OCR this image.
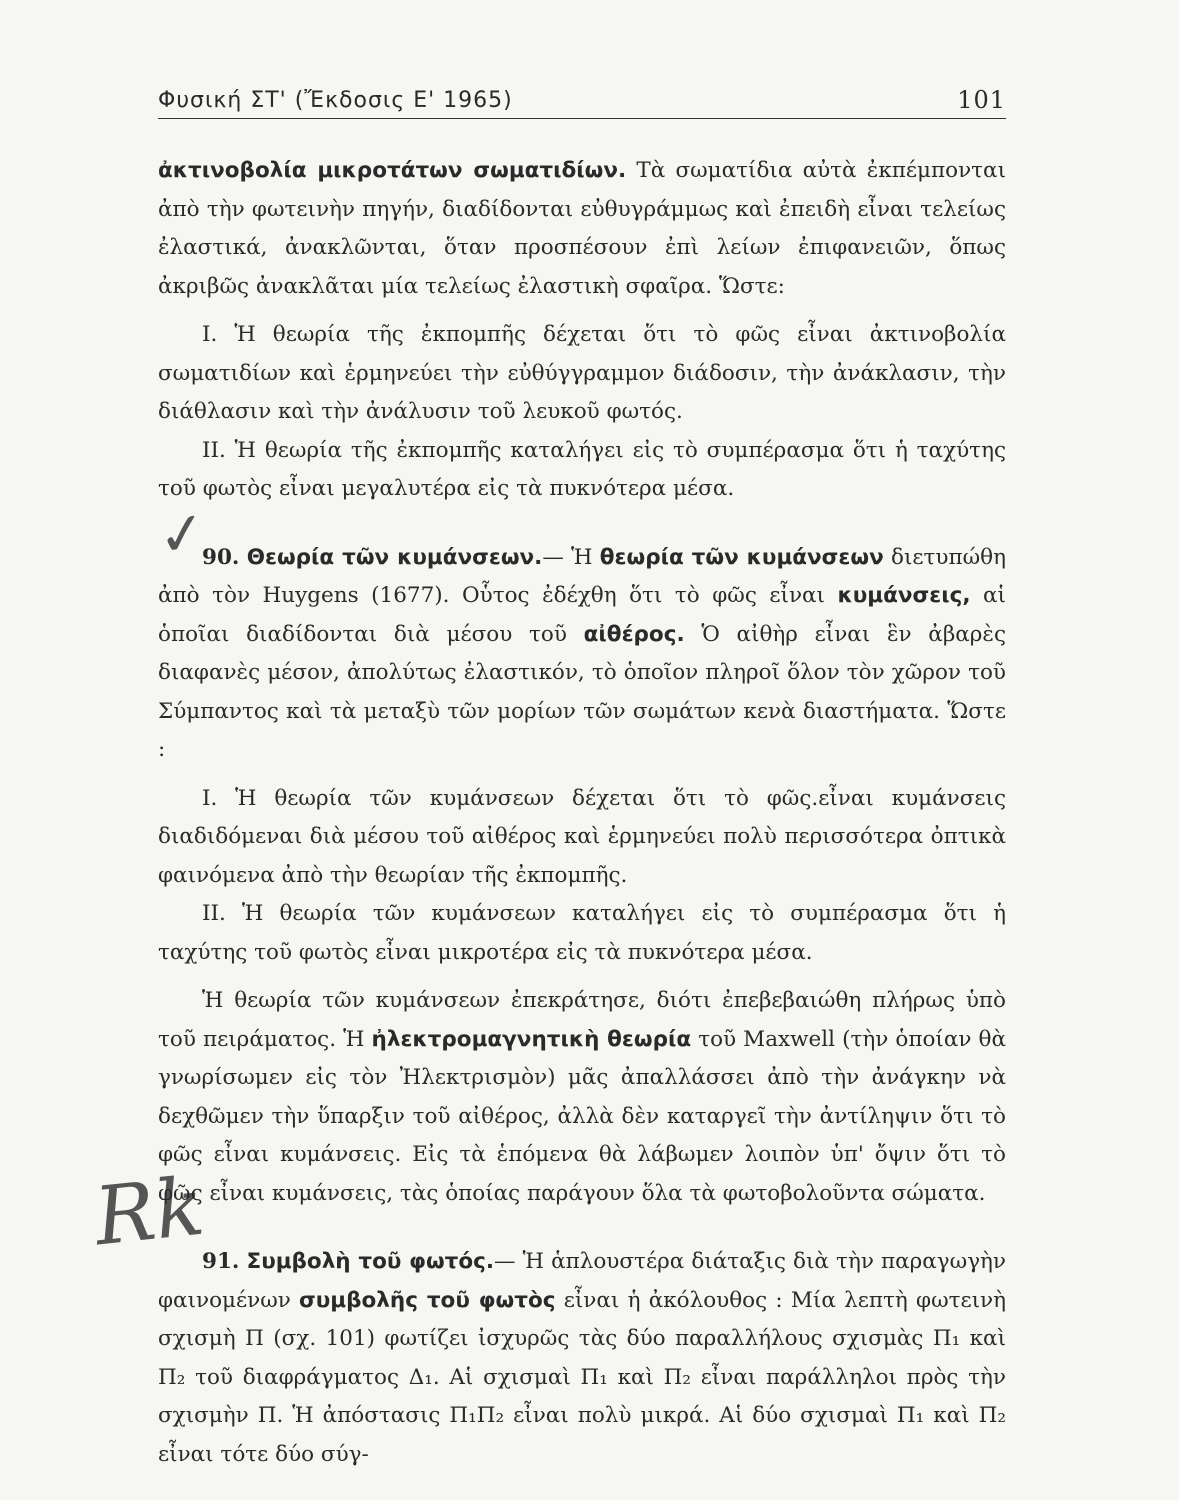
Φυσική ΣΤ' (Ἔκδοσις Ε' 1965)	101
✓
Rk

ἀκτινοβολία μικροτάτων σωματιδίων. Τὰ σωματίδια αὐτὰ ἐκπέμπονται ἀπὸ τὴν φωτεινὴν πηγήν, διαδίδονται εὐθυγράμμως καὶ ἐπειδὴ εἶναι τελείως ἐλαστικά, ἀνακλῶνται, ὅταν προσπέσουν ἐπὶ λείων ἐπιφανειῶν, ὅπως ἀκριβῶς ἀνακλᾶται μία τελείως ἐλαστικὴ σφαῖρα. Ὥστε:

I. Ἡ θεωρία τῆς ἐκπομπῆς δέχεται ὅτι τὸ φῶς εἶναι ἀκτινοβολία σωματιδίων καὶ ἑρμηνεύει τὴν εὐθύγγραμμον διάδοσιν, τὴν ἀνάκλασιν, τὴν διάθλασιν καὶ τὴν ἀνάλυσιν τοῦ λευκοῦ φωτός.

II. Ἡ θεωρία τῆς ἐκπομπῆς καταλήγει εἰς τὸ συμπέρασμα ὅτι ἡ ταχύτης τοῦ φωτὸς εἶναι μεγαλυτέρα εἰς τὰ πυκνότερα μέσα.

90. Θεωρία τῶν κυμάνσεων.— Ἡ θεωρία τῶν κυμάνσεων διετυπώθη ἀπὸ τὸν Huygens (1677). Οὗτος ἐδέχθη ὅτι τὸ φῶς εἶναι κυμάνσεις, αἱ ὁποῖαι διαδίδονται διὰ μέσου τοῦ αἰθέρος. Ὁ αἰθὴρ εἶναι ἓν ἀβαρὲς διαφανὲς μέσον, ἀπολύτως ἐλαστικόν, τὸ ὁποῖον πληροῖ ὅλον τὸν χῶρον τοῦ Σύμπαντος καὶ τὰ μεταξὺ τῶν μορίων τῶν σωμάτων κενὰ διαστήματα. Ὥστε :

I. Ἡ θεωρία τῶν κυμάνσεων δέχεται ὅτι τὸ φῶς.εἶναι κυμάνσεις διαδιδόμεναι διὰ μέσου τοῦ αἰθέρος καὶ ἑρμηνεύει πολὺ περισσότερα ὀπτικὰ φαινόμενα ἀπὸ τὴν θεωρίαν τῆς ἐκπομπῆς.

II. Ἡ θεωρία τῶν κυμάνσεων καταλήγει εἰς τὸ συμπέρασμα ὅτι ἡ ταχύτης τοῦ φωτὸς εἶναι μικροτέρα εἰς τὰ πυκνότερα μέσα.

Ἡ θεωρία τῶν κυμάνσεων ἐπεκράτησε, διότι ἐπεβεβαιώθη πλήρως ὑπὸ τοῦ πειράματος. Ἡ ἠλεκτρομαγνητικὴ θεωρία τοῦ Maxwell (τὴν ὁποίαν θὰ γνωρίσωμεν εἰς τὸν Ἠλεκτρισμὸν) μᾶς ἀπαλλάσσει ἀπὸ τὴν ἀνάγκην νὰ δεχθῶμεν τὴν ὕπαρξιν τοῦ αἰθέρος, ἀλλὰ δὲν καταργεῖ τὴν ἀντίληψιν ὅτι τὸ φῶς εἶναι κυμάνσεις. Εἰς τὰ ἑπόμενα θὰ λάβωμεν λοιπὸν ὑπ' ὄψιν ὅτι τὸ φῶς εἶναι κυμάνσεις, τὰς ὁποίας παράγουν ὅλα τὰ φωτοβολοῦντα σώματα.

91. Συμβολὴ τοῦ φωτός.— Ἡ ἁπλουστέρα διάταξις διὰ τὴν παραγωγὴν φαινομένων συμβολῆς τοῦ φωτὸς εἶναι ἡ ἀκόλουθος : Μία λεπτὴ φωτεινὴ σχισμὴ Π (σχ. 101) φωτίζει ἰσχυρῶς τὰς δύο παραλλήλους σχισμὰς Π₁ καὶ Π₂ τοῦ διαφράγματος Δ₁. Αἱ σχισμαὶ Π₁ καὶ Π₂ εἶναι παράλληλοι πρὸς τὴν σχισμὴν Π. Ἡ ἀπόστασις Π₁Π₂ εἶναι πολὺ μικρά. Αἱ δύο σχισμαὶ Π₁ καὶ Π₂ εἶναι τότε δύο σύγ-
